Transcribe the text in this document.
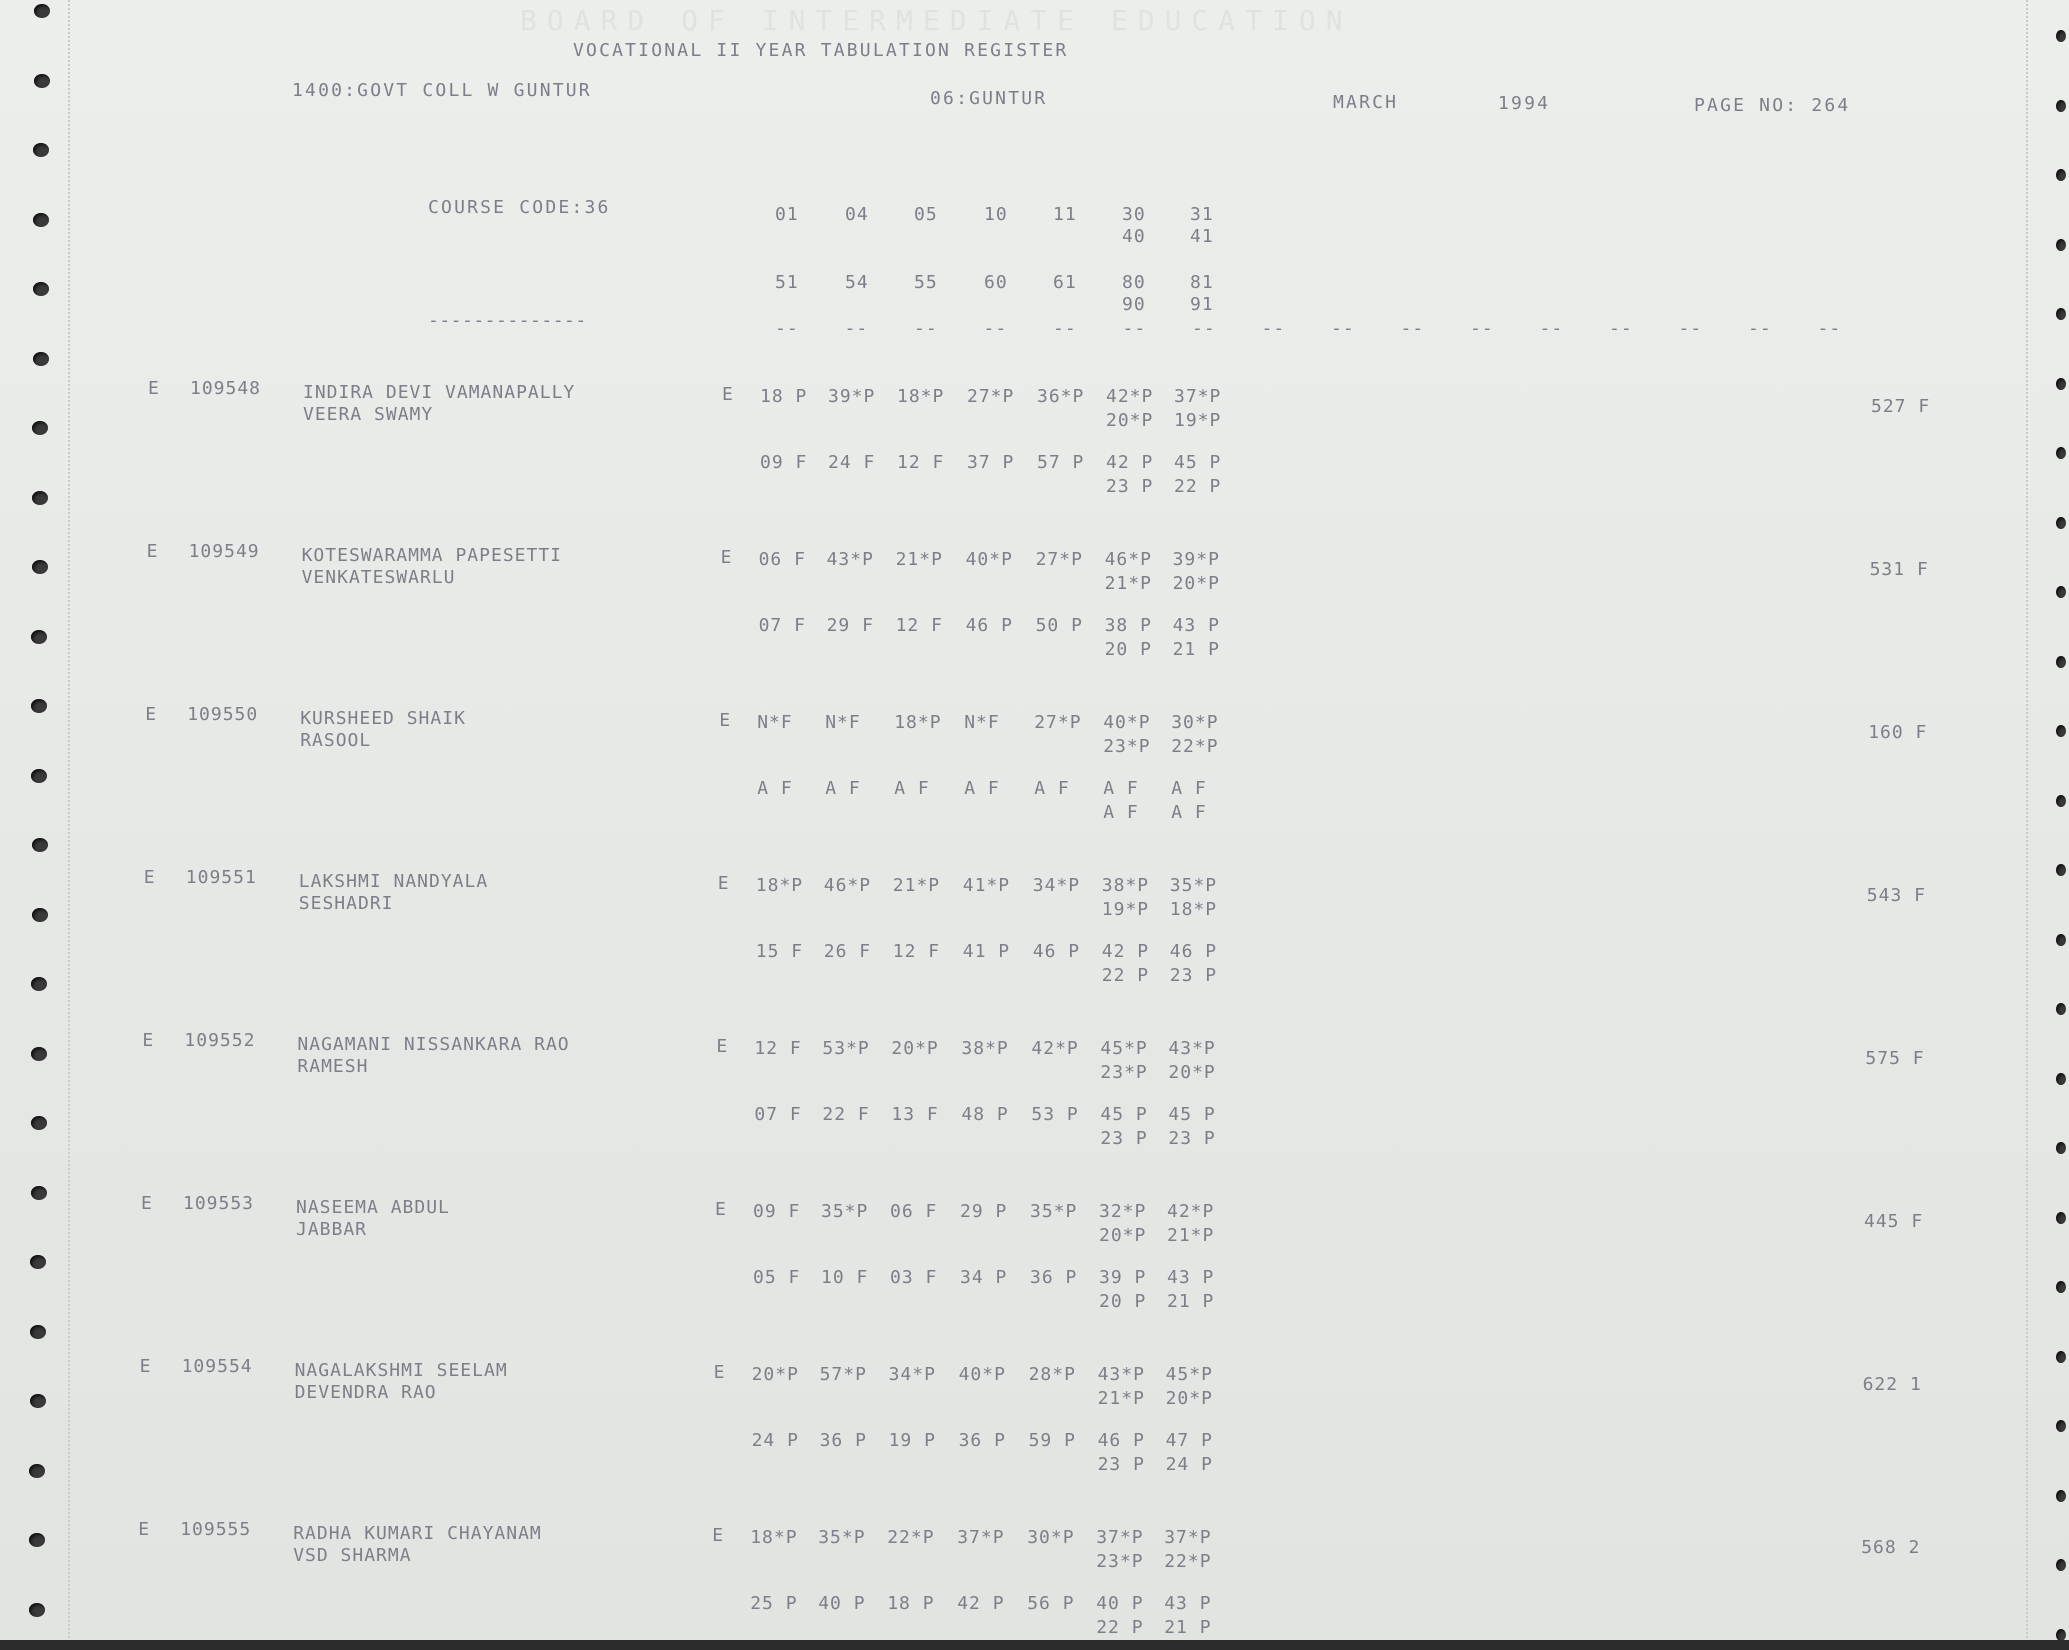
BOARD OF INTERMEDIATE EDUCATION
VOCATIONAL II YEAR TABULATION REGISTER
1400:GOVT COLL W GUNTUR	06:GUNTUR	MARCH	1994	PAGE NO: 264
COURSE CODE:36
--------------
01	04	05	10	11	30 31
40 41
51	54	55	60	61	80 81
90 91
--	--	--	--	--	--	--	--	--	--	--	--	--	--	--	--
E 109548 INDIRA DEVI VAMANAPALLY
VEERA SWAMY
E 18 P 39*P 18*P 27*P 36*P 42*P 37*P
20*P 19*P
09 F 24 F 12 F 37 P 57 P 42 P 45 P
23 P 22 P
527 F
E 109549 KOTESWARAMMA PAPESETTI
VENKATESWARLU
E 06 F 43*P 21*P 40*P 27*P 46*P 39*P
21*P 20*P
07 F 29 F 12 F 46 P 50 P 38 P 43 P
20 P 21 P
531 F
E 109550 KURSHEED SHAIK
RASOOL
E N*F N*F 18*P N*F 27*P 40*P 30*P
23*P 22*P
A F A F A F A F A F A F A F
A F A F
160 F
E 109551 LAKSHMI NANDYALA
SESHADRI
E 18*P 46*P 21*P 41*P 34*P 38*P 35*P
19*P 18*P
15 F 26 F 12 F 41 P 46 P 42 P 46 P
22 P 23 P
543 F
E 109552 NAGAMANI NISSANKARA RAO
RAMESH
E 12 F 53*P 20*P 38*P 42*P 45*P 43*P
23*P 20*P
07 F 22 F 13 F 48 P 53 P 45 P 45 P
23 P 23 P
575 F
E 109553 NASEEMA ABDUL
JABBAR
E 09 F 35*P 06 F 29 P 35*P 32*P 42*P
20*P 21*P
05 F 10 F 03 F 34 P 36 P 39 P 43 P
20 P 21 P
445 F
E 109554 NAGALAKSHMI SEELAM
DEVENDRA RAO
E 20*P 57*P 34*P 40*P 28*P 43*P 45*P
21*P 20*P
24 P 36 P 19 P 36 P 59 P 46 P 47 P
23 P 24 P
622 1
E 109555 RADHA KUMARI CHAYANAM
VSD SHARMA
E 18*P 35*P 22*P 37*P 30*P 37*P 37*P
23*P 22*P
25 P 40 P 18 P 42 P 56 P 40 P 43 P
22 P 21 P
568 2
